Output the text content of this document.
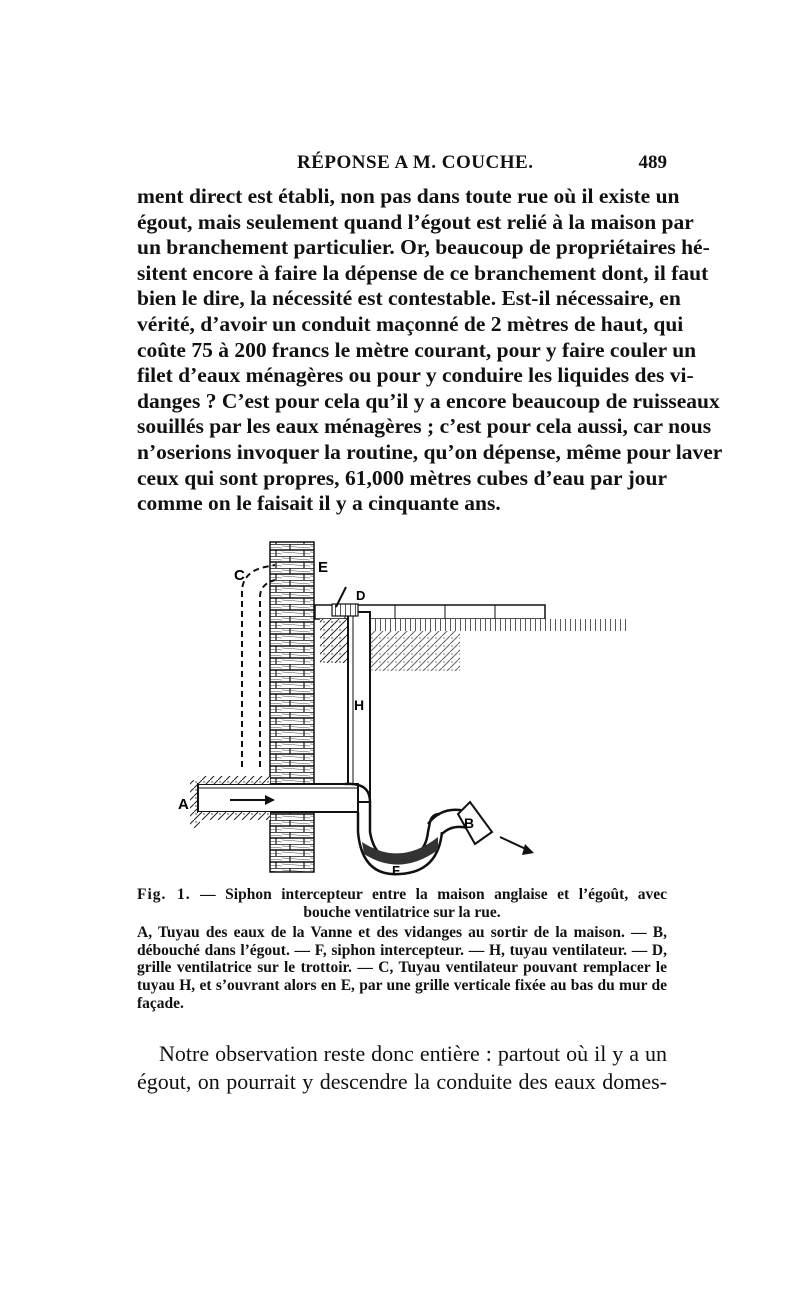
RÉPONSE A M. COUCHE.	489
ment direct est établi, non pas dans toute rue où il existe un
égout, mais seulement quand l’égout est relié à la maison par
un branchement particulier. Or, beaucoup de propriétaires hé-
sitent encore à faire la dépense de ce branchement dont, il faut
bien le dire, la nécessité est contestable. Est-il nécessaire, en
vérité, d’avoir un conduit maçonné de 2 mètres de haut, qui
coûte 75 à 200 francs le mètre courant, pour y faire couler un
filet d’eaux ménagères ou pour y conduire les liquides des vi-
danges ? C’est pour cela qu’il y a encore beaucoup de ruisseaux
souillés par les eaux ménagères ; c’est pour cela aussi, car nous
n’oserions invoquer la routine, qu’on dépense, même pour laver
ceux qui sont propres, 61,000 mètres cubes d’eau par jour
comme on le faisait il y a cinquante ans.
C	E
D
H
A
B
F
Fig. 1. — Siphon intercepteur entre la maison anglaise et l’égoût, avec
bouche ventilatrice sur la rue.
A, Tuyau des eaux de la Vanne et des vidanges au sortir de la maison. — B, débouché dans l’égout. — F, siphon intercepteur. — H, tuyau ventilateur. — D, grille ventilatrice sur le trottoir. — C, Tuyau ventilateur pouvant remplacer le tuyau H, et s’ouvrant alors en E, par une grille verticale fixée au bas du mur de façade.
Notre observation reste donc entière : partout où il y a un
égout, on pourrait y descendre la conduite des eaux domes-
